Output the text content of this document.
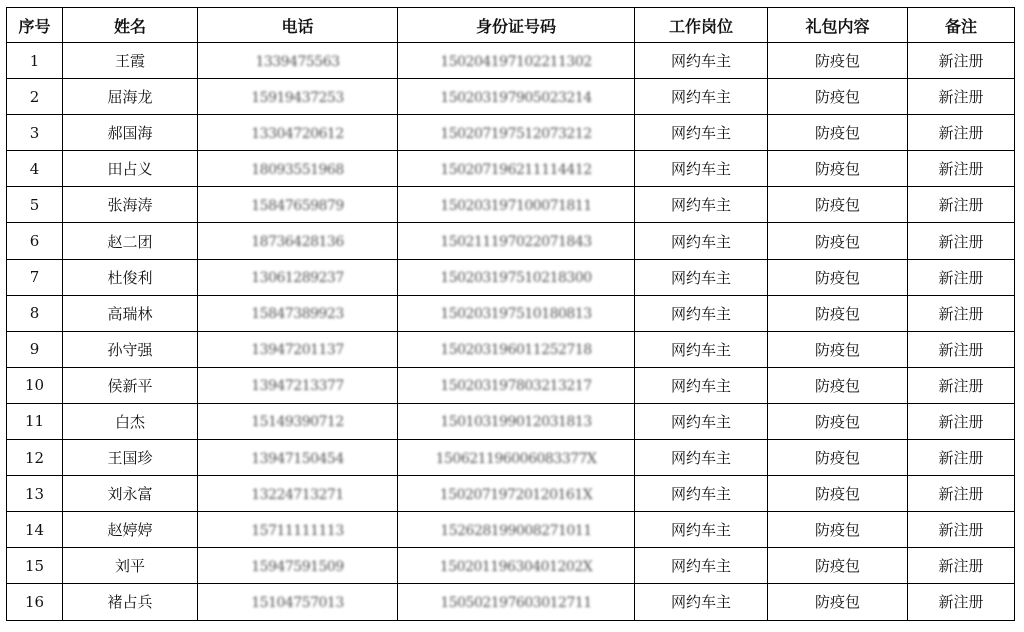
序号	姓名	电话	身份证号码	工作岗位	礼包内容	备注
1	王霞	1339475563	150204197102211302	网约车主	防疫包	新注册
2	屈海龙	15919437253	150203197905023214	网约车主	防疫包	新注册
3	郝国海	13304720612	150207197512073212	网约车主	防疫包	新注册
4	田占义	18093551968	150207196211114412	网约车主	防疫包	新注册
5	张海涛	15847659879	150203197100071811	网约车主	防疫包	新注册
6	赵二团	18736428136	150211197022071843	网约车主	防疫包	新注册
7	杜俊利	13061289237	150203197510218300	网约车主	防疫包	新注册
8	高瑞林	15847389923	150203197510180813	网约车主	防疫包	新注册
9	孙守强	13947201137	150203196011252718	网约车主	防疫包	新注册
10	侯新平	13947213377	150203197803213217	网约车主	防疫包	新注册
11	白杰	15149390712	150103199012031813	网约车主	防疫包	新注册
12	王国珍	13947150454	150621196006083377X	网约车主	防疫包	新注册
13	刘永富	13224713271	15020719720120161X	网约车主	防疫包	新注册
14	赵婷婷	15711111113	152628199008271011	网约车主	防疫包	新注册
15	刘平	15947591509	15020119630401202X	网约车主	防疫包	新注册
16	褚占兵	15104757013	150502197603012711	网约车主	防疫包	新注册
